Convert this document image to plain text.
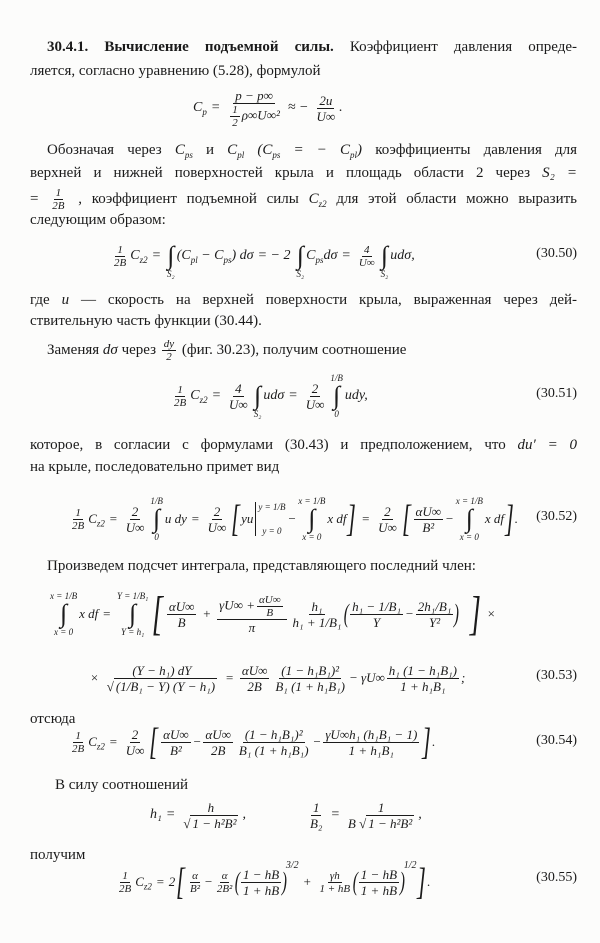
30.4.1. Вычисление подъемной силы. Коэффициент давления опреде-
ляется, согласно уравнению (5.28), формулой
$C_p = \frac{p - p\infty}{\frac{1}{2} \rho\infty U\infty^2}$ ≈ − $\frac{2u}{U\infty}$ .
Обозначая через $C_{ps}$ и $C_{pl}$ ($C_{ps}$ = − $C_{pl}$) коэффициенты давления для
верхней и нижней поверхностей крыла и площадь области 2 через S₂ =
= $\frac{1}{2B}$ , коэффициент подъемной силы $C_{z2}$ для этой области можно выразить
следующим образом:
1
2B $C_{z2}$ = ∫
S₂
$(C_{pl} - C_{ps}) d\sigma$ = − 2 ∫
S₂
$C_{ps}d\sigma = \frac{4}{U\infty}$ ∫
S₂
udσ,	(30.50)
где u — скорость на верхней поверхности крыла, выраженная через дей-
ствительную часть функции (30.44).
Заменяя dσ через $\frac{dy}{2} (фиг$. 30.23), получим соотношение
1
2B $C_{z2} = \frac{4}{U\infty}$ ∫
S₂
$ud\sigma = \frac{2}{U\infty}$
1/B
∫
0
udy,	(30.51)
которое, в согласии с формулами (30.43) и предположением, что du′ = 0
на крыле, последовательно примет вид
1
2B $C_{z2} = \frac{2}{U\infty}$
1/B
∫
0
u dy = $\frac{2}{U\infty}$ [ yu
y = 1/B
y = 0
−
x = 1/B
∫
x = 0
x df ] = $\frac{2}{U\infty}$ [ αU∞
B²
−
x = 1/B
∫
x = 0
x df ] . (30.52)
Произведем подсчет интеграла, представляющего последний член:
x = 1/B
∫
x = 0
x df =
Y = 1/B₁
∫
Y = h₁ [ αU∞
B
+ $\frac{\gamma U\infty + \frac{\alpha U\infty}{B}}{\pi} h_1$
h₁ + 1/B₁ ( h₁ − 1/B₁
Y
− $\frac{\text{2h₁/B₁}}{\text{Y²}}$ ) ] ×
× $\frac{\text{(Y − h₁) dY}}{\text{√ (1/B₁ − Y) (Y − h₁)}} = \frac{\alpha U\infty}{2B} (1 - h_1B_1)^2$
B₁ (1 + h₁B₁)
− γU∞ h₁ (1 − h₁B₁)
1 + h₁B₁
;	(30.53)
отсюда
1
2B $C_{z2} = \frac{2}{U\infty}$ [ αU∞
B²
− $\frac{\alpha U\infty}{2B} (1 - h_1B_1)^2$
B₁ (1 + h₁B₁)
− $\frac{\text{γU∞h₁ (h₁B₁ − 1)}}{\text{1 + h₁B₁}}$ ] .	(30.54)
В силу соотношений
$h_1 = \frac{h}{\text{√ 1 − h²B²}}$ ,	$\frac{1}{\text{B₂}} = \frac{1}{\text{B √ 1 − h²B²}}$ ,
получим
1
2B $C_{z2} = 2$ [ α
$B^2 - \frac{\alpha}{\text{2B²}}$ ( 1 − hB
1 + hB )
3/2
+ $\frac{\gamma h}{1 + hB}$ ( 1 − hB
1 + hB )
1/2 ] .	(30.55)
